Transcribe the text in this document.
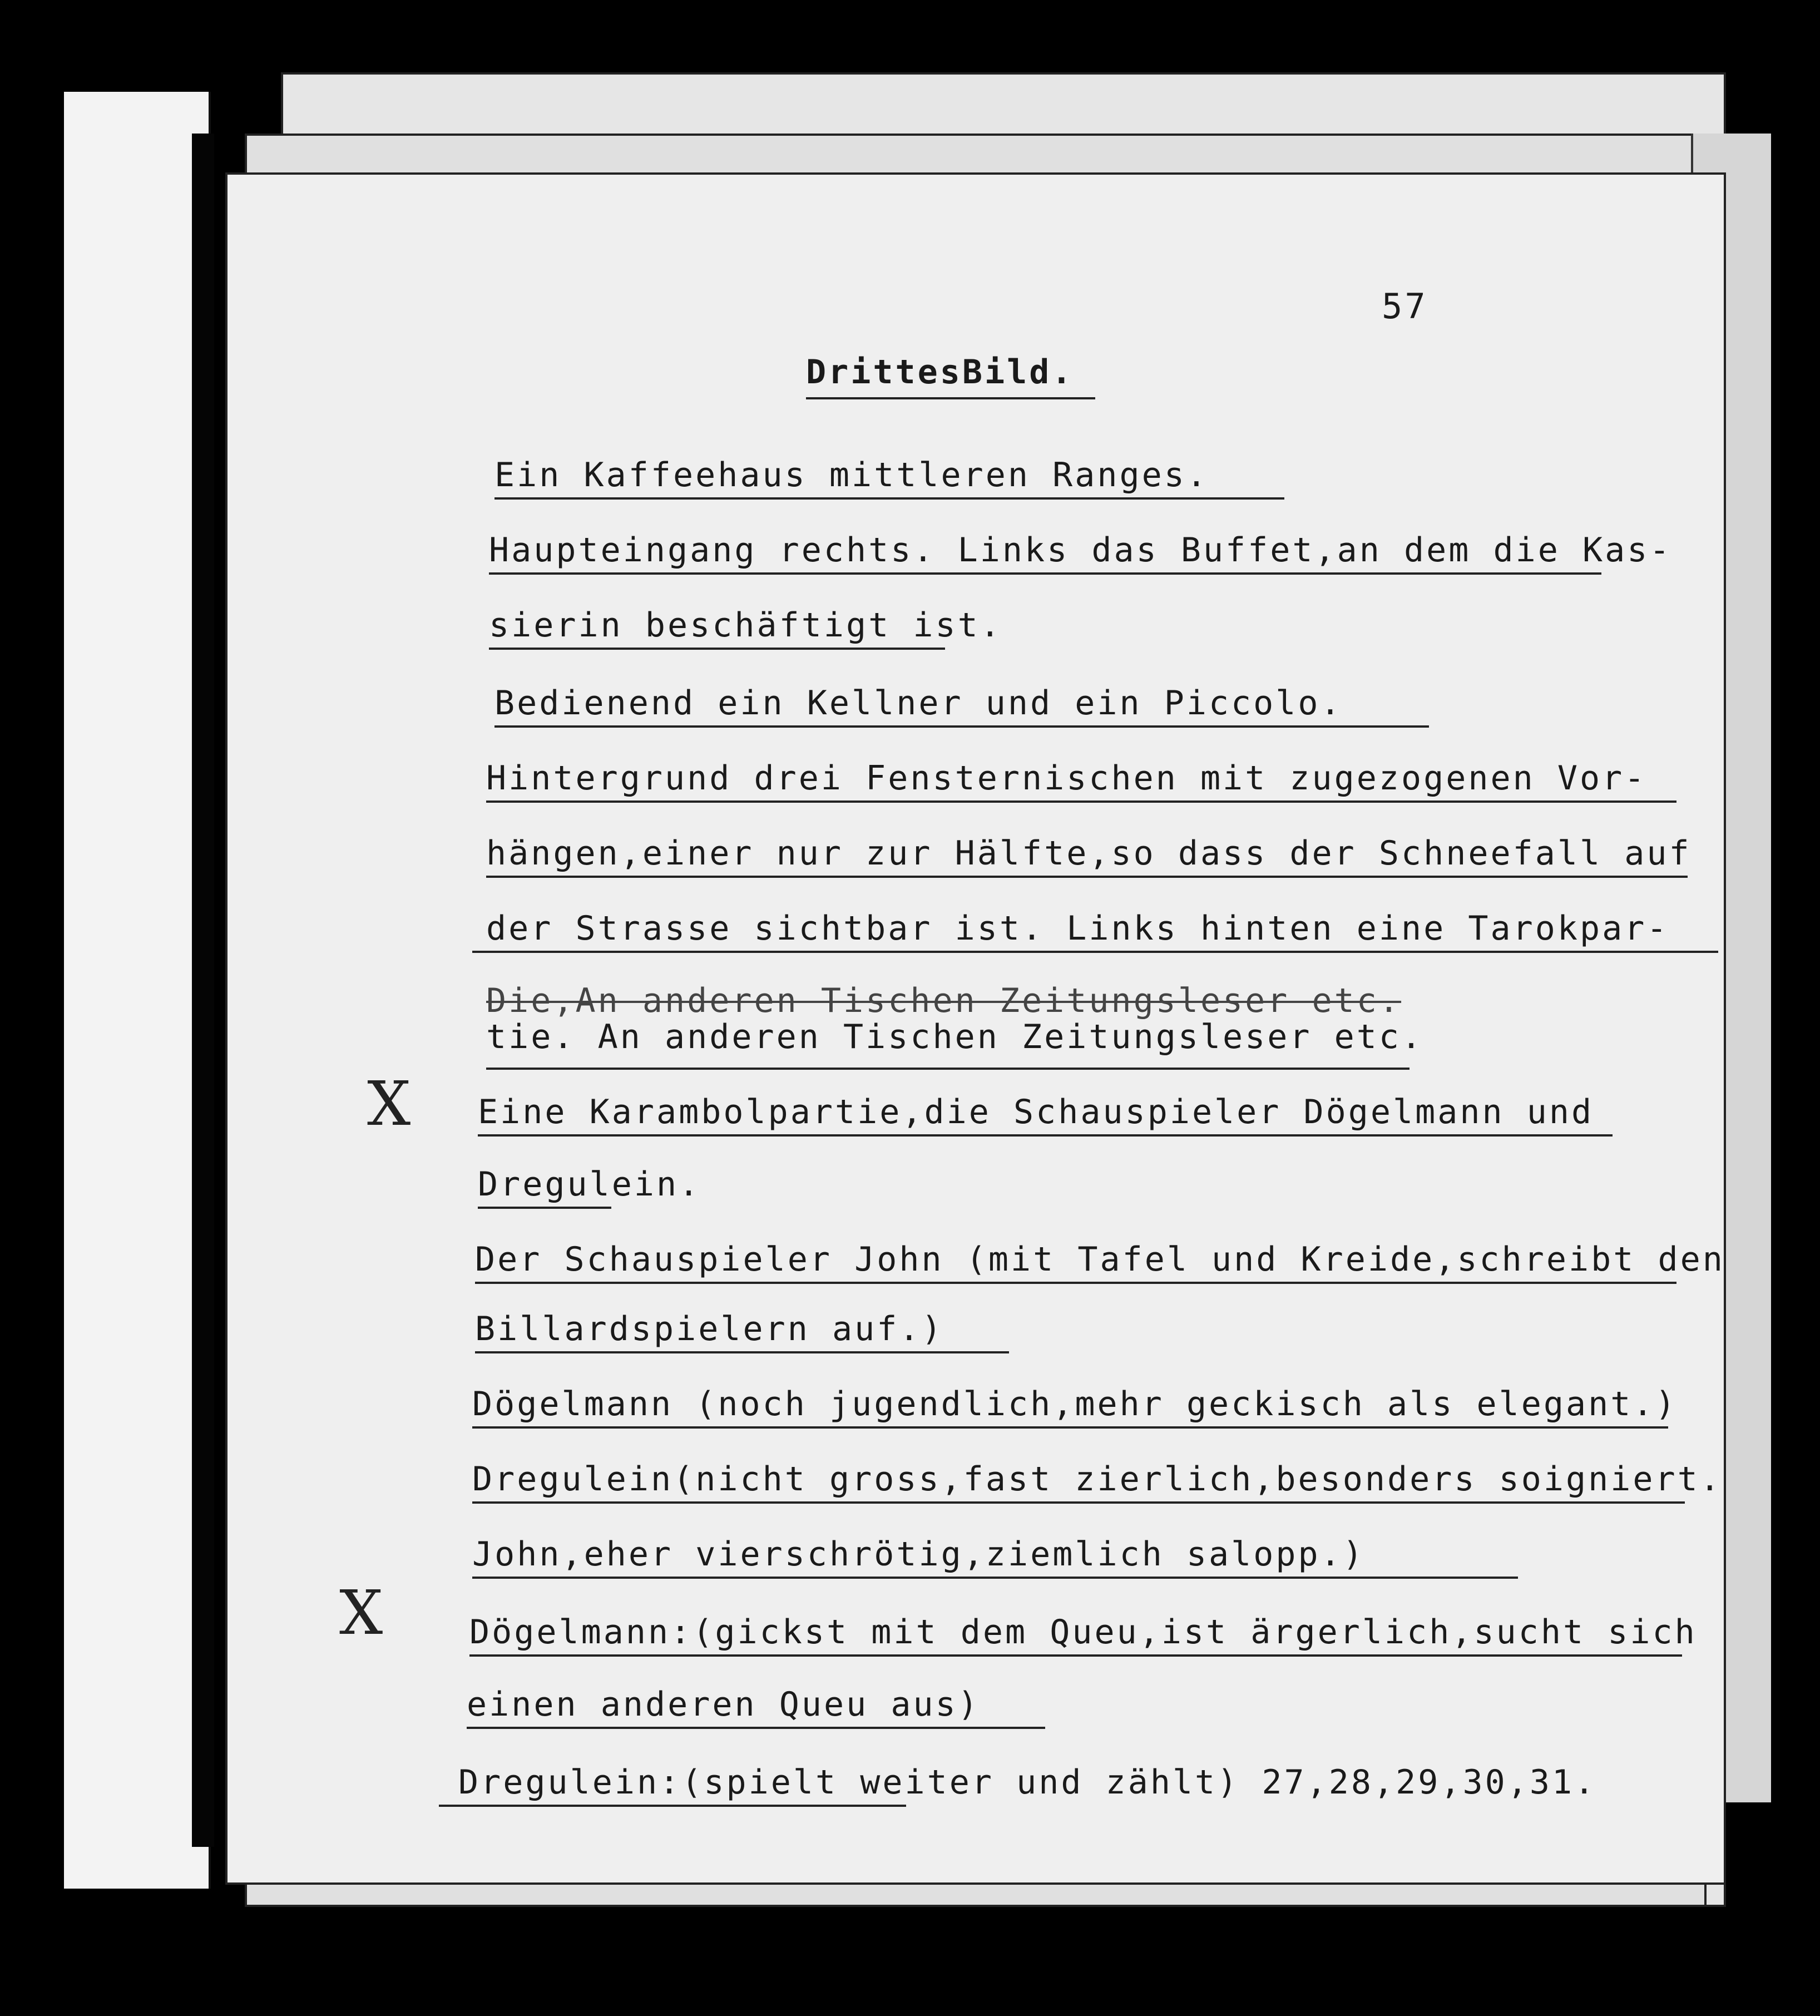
57
DrittesBild.
Ein Kaffeehaus mittleren Ranges.
Haupteingang rechts. Links das Buffet,an dem die Kas-
sierin beschäftigt ist.
Bedienend ein Kellner und ein Piccolo.
Hintergrund drei Fensternischen mit zugezogenen Vor-
hängen,einer nur zur Hälfte,so dass der Schneefall auf
der Strasse sichtbar ist. Links hinten eine Tarokpar-
Die,An anderen Tischen Zeitungsleser etc.
tie. An anderen Tischen Zeitungsleser etc.
Eine Karambolpartie,die Schauspieler Dögelmann und
Dregulein.
Der Schauspieler John (mit Tafel und Kreide,schreibt den
Billardspielern auf.)
Dögelmann (noch jugendlich,mehr geckisch als elegant.)
Dregulein(nicht gross,fast zierlich,besonders soigniert.
John,eher vierschrötig,ziemlich salopp.)
Dögelmann:(gickst mit dem Queu,ist ärgerlich,sucht sich
einen anderen Queu aus)
Dregulein:(spielt weiter und zählt) 27,28,29,30,31.
X
X
